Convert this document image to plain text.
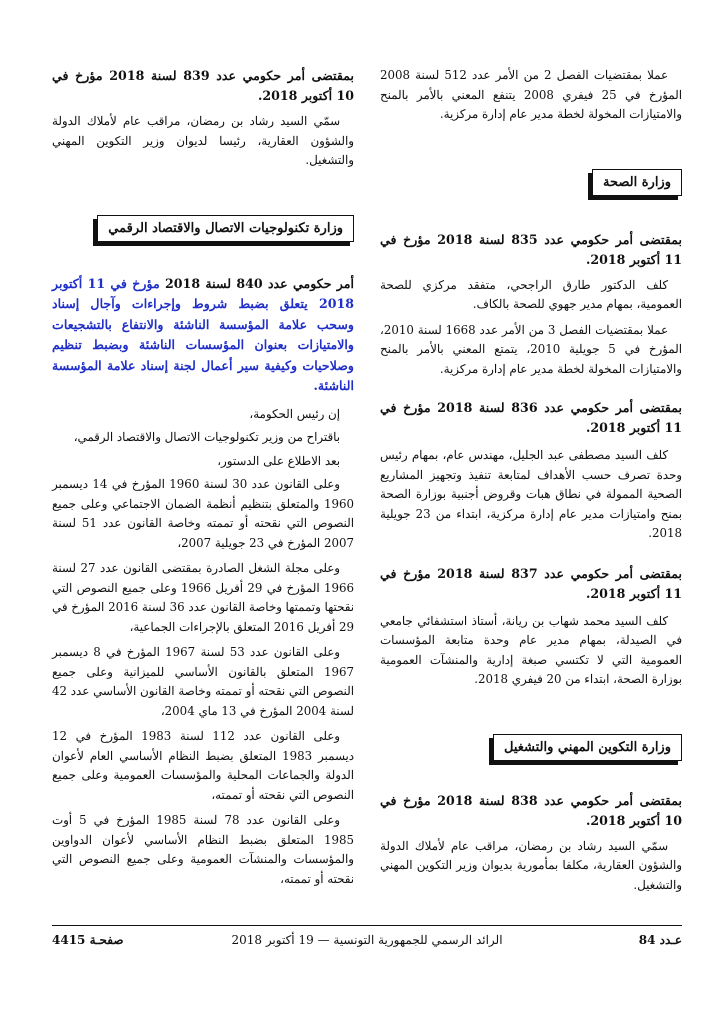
عملا بمقتضيات الفصل 2 من الأمر عدد 512 لسنة 2008 المؤرخ في 25 فيفري 2008 يتنفع المعني بالأمر بالمنح والامتيازات المخولة لخطة مدير عام إدارة مركزية.

وزارة الصحة
بمقتضى أمر حكومي عدد 835 لسنة 2018 مؤرخ في 11 أكتوبر 2018.

كلف الدكتور طارق الراجحي، متفقد مركزي للصحة العمومية، بمهام مدير جهوي للصحة بالكاف.

عملا بمقتضيات الفصل 3 من الأمر عدد 1668 لسنة 2010، المؤرخ في 5 جويلية 2010، يتمتع المعني بالأمر بالمنح والامتيازات المخولة لخطة مدير عام إدارة مركزية.

بمقتضى أمر حكومي عدد 836 لسنة 2018 مؤرخ في 11 أكتوبر 2018.

كلف السيد مصطفى عبد الجليل، مهندس عام، بمهام رئيس وحدة تصرف حسب الأهداف لمتابعة تنفيذ وتجهيز المشاريع الصحية الممولة في نطاق هبات وقروض أجنبية بوزارة الصحة بمنح وامتيازات مدير عام إدارة مركزية، ابتداء من 23 جويلية 2018.

بمقتضى أمر حكومي عدد 837 لسنة 2018 مؤرخ في 11 أكتوبر 2018.

كلف السيد محمد شهاب بن ريانة، أستاذ استشفائي جامعي في الصيدلة، بمهام مدير عام وحدة متابعة المؤسسات العمومية التي لا تكتسي صبغة إدارية والمنشآت العمومية بوزارة الصحة، ابتداء من 20 فيفري 2018.

وزارة التكوين المهني والتشغيل
بمقتضى أمر حكومي عدد 838 لسنة 2018 مؤرخ في 10 أكتوبر 2018.

سمّي السيد رشاد بن رمضان، مراقب عام لأملاك الدولة والشؤون العقارية، مكلفا بمأمورية بديوان وزير التكوين المهني والتشغيل.

بمقتضى أمر حكومي عدد 839 لسنة 2018 مؤرخ في 10 أكتوبر 2018.

سمّي السيد رشاد بن رمضان، مراقب عام لأملاك الدولة والشؤون العقارية، رئيسا لديوان وزير التكوين المهني والتشغيل.

وزارة تكنولوجيات الاتصال والاقتصاد الرقمي

أمر حكومي عدد 840 لسنة 2018 مؤرخ في 11 أكتوبر 2018 يتعلق بضبط شروط وإجراءات وآجال إسناد وسحب علامة المؤسسة الناشئة والانتفاع بالتشجيعات والامتيازات بعنوان المؤسسات الناشئة وبضبط تنظيم وصلاحيات وكيفية سير أعمال لجنة إسناد علامة المؤسسة الناشئة.

إن رئيس الحكومة،

باقتراح من وزير تكنولوجيات الاتصال والاقتصاد الرقمي،

بعد الاطلاع على الدستور،

وعلى القانون عدد 30 لسنة 1960 المؤرخ في 14 ديسمبر 1960 والمتعلق بتنظيم أنظمة الضمان الاجتماعي وعلى جميع النصوص التي نقحته أو تممته وخاصة القانون عدد 51 لسنة 2007 المؤرخ في 23 جويلية 2007،

وعلى مجلة الشغل الصادرة بمقتضى القانون عدد 27 لسنة 1966 المؤرخ في 29 أفريل 1966 وعلى جميع النصوص التي نقحتها وتممتها وخاصة القانون عدد 36 لسنة 2016 المؤرخ في 29 أفريل 2016 المتعلق بالإجراءات الجماعية،

وعلى القانون عدد 53 لسنة 1967 المؤرخ في 8 ديسمبر 1967 المتعلق بالقانون الأساسي للميزانية وعلى جميع النصوص التي نقحته أو تممته وخاصة القانون الأساسي عدد 42 لسنة 2004 المؤرخ في 13 ماي 2004،

وعلى القانون عدد 112 لسنة 1983 المؤرخ في 12 ديسمبر 1983 المتعلق بضبط النظام الأساسي العام لأعوان الدولة والجماعات المحلية والمؤسسات العمومية وعلى جميع النصوص التي نقحته أو تممته،

وعلى القانون عدد 78 لسنة 1985 المؤرخ في 5 أوت 1985 المتعلق بضبط النظام الأساسي لأعوان الدواوين والمؤسسات والمنشآت العمومية وعلى جميع النصوص التي نقحته أو تممته،

عـدد 84
الرائد الرسمي للجمهورية التونسية — 19 أكتوبر 2018
صفحـة 4415
